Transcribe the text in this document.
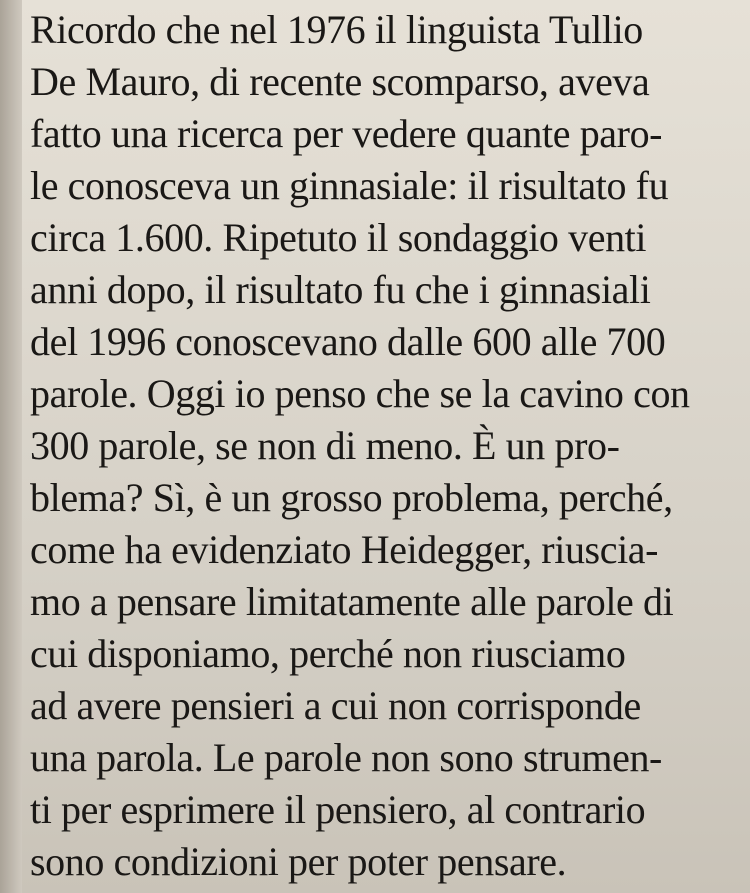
Ricordo che nel 1976 il linguista Tullio
De Mauro, di recente scomparso, aveva
fatto una ricerca per vedere quante paro-
le conosceva un ginnasiale: il risultato fu
circa 1.600. Ripetuto il sondaggio venti
anni dopo, il risultato fu che i ginnasiali
del 1996 conoscevano dalle 600 alle 700
parole. Oggi io penso che se la cavino con
300 parole, se non di meno. È un pro-
blema? Sì, è un grosso problema, perché,
come ha evidenziato Heidegger, riuscia-
mo a pensare limitatamente alle parole di
cui disponiamo, perché non riusciamo
ad avere pensieri a cui non corrisponde
una parola. Le parole non sono strumen-
ti per esprimere il pensiero, al contrario
sono condizioni per poter pensare.
